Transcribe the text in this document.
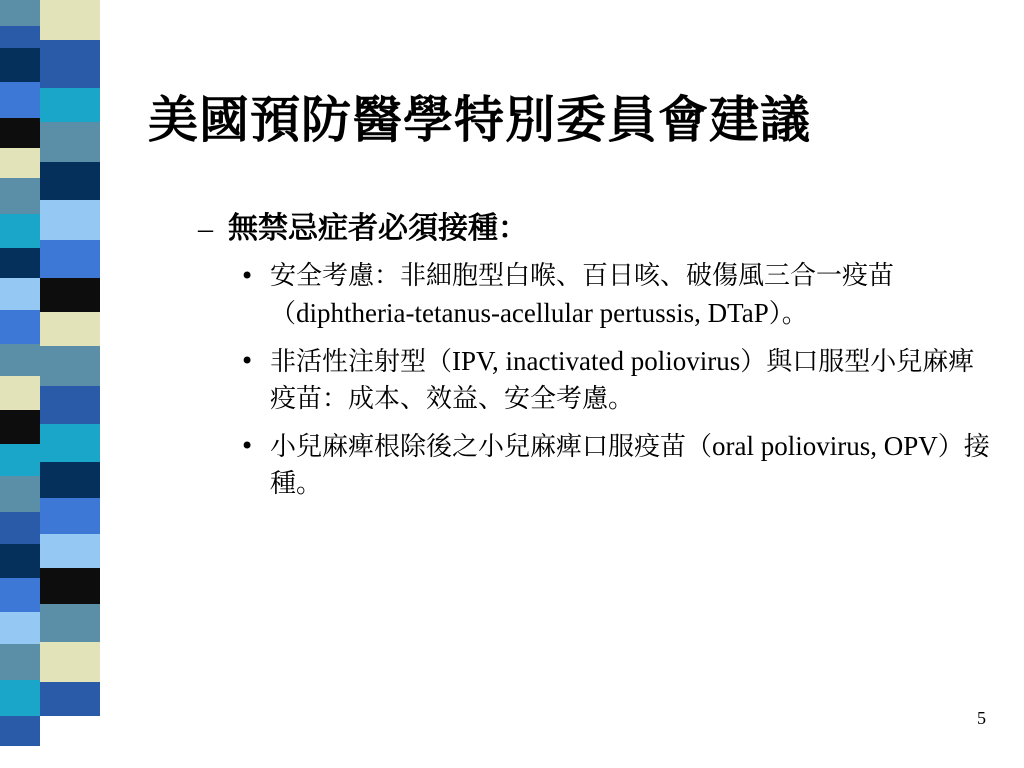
美國預防醫學特別委員會建議
– 無禁忌症者必須接種：
• 安全考慮：非細胞型白喉、百日咳、破傷風三合一疫苗（diphtheria-tetanus-acellular pertussis, DTaP）。
• 非活性注射型（IPV, inactivated poliovirus）與口服型小兒麻痺疫苗：成本、效益、安全考慮。
• 小兒麻痺根除後之小兒麻痺口服疫苗（oral poliovirus, OPV）接種。
5
